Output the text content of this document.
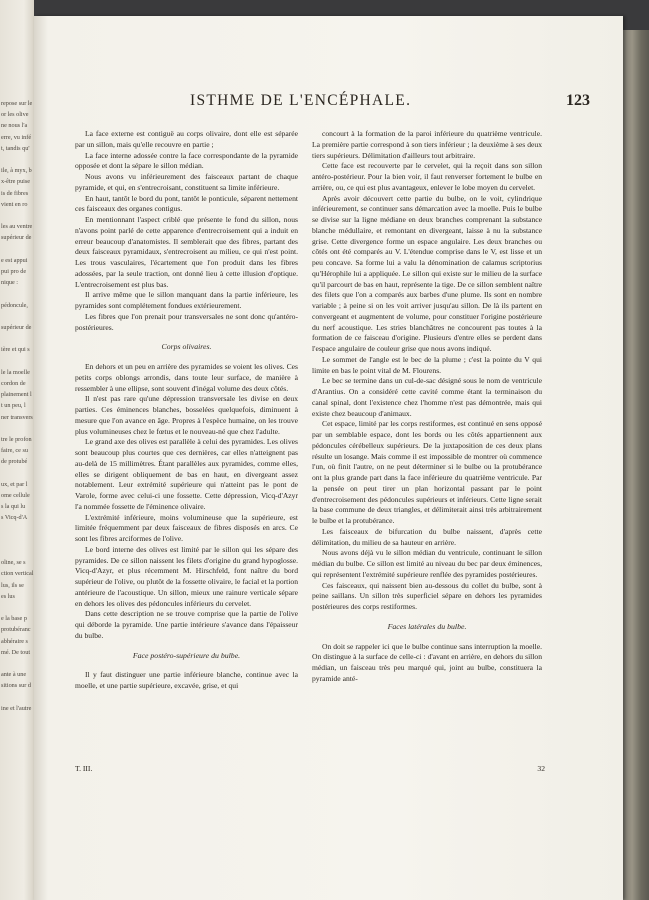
repose sur le
or les olive
ne nous l'a
erre, vu infé
t, tandis qu'
ile, à myx, b
x-être puise
is de fibres
vient en ro
les au ventre
supérieur de
e est appui
pui pro de
nique :
pédoncule,
supérieur de
ière et qui s
le la moelle
cordon de
plainement l
t un peu, l
ner transvers
tre le profon
faire, ce su
de protubé
ux, et par l
ome cellule
s la qui lu
s Vicq-d'A
oline, se s
ction vertical
lus, ils se
es lus
e la base p
protubéranc
abhéraire s
mé. De tout
ante à une
sitions sur d
ine et l'autre
ISTHME DE L'ENCÉPHALE.	123

La face externe est contiguë au corps olivaire, dont elle est séparée par un sillon, mais qu'elle recouvre en partie ;

La face interne adossée contre la face correspondante de la pyramide opposée et dont la sépare le sillon médian.

Nous avons vu inférieurement des faisceaux partant de chaque pyramide, et qui, en s'entrecroisant, constituent sa limite inférieure.

En haut, tantôt le bord du pont, tantôt le ponticule, séparent nettement ces faisceaux des organes contigus.

En mentionnant l'aspect criblé que présente le fond du sillon, nous n'avons point parlé de cette apparence d'entrecroisement qui a induit en erreur beaucoup d'anatomistes. Il semblerait que des fibres, partant des deux faisceaux pyramidaux, s'entrecroisent au milieu, ce qui n'est point. Les trous vasculaires, l'écartement que l'on produit dans les fibres adossées, par la seule traction, ont donné lieu à cette illusion d'optique. L'entrecroisement est plus bas.

Il arrive même que le sillon manquant dans la partie inférieure, les pyramides sont complétement fondues extérieurement.

Les fibres que l'on prenait pour transversales ne sont donc qu'antéro-postérieures.

Corps olivaires.

En dehors et un peu en arrière des pyramides se voient les olives. Ces petits corps oblongs arrondis, dans toute leur surface, de manière à ressembler à une ellipse, sont souvent d'inégal volume des deux côtés.

Il n'est pas rare qu'une dépression transversale les divise en deux parties. Ces éminences blanches, bosselées quelquefois, diminuent à mesure que l'on avance en âge. Propres à l'espèce humaine, on les trouve plus volumineuses chez le fœtus et le nouveau-né que chez l'adulte.

Le grand axe des olives est parallèle à celui des pyramides. Les olives sont beaucoup plus courtes que ces dernières, car elles n'atteignent pas au-delà de 15 millimètres. Étant parallèles aux pyramides, comme elles, elles se dirigent obliquement de bas en haut, en divergeant assez notablement. Leur extrémité supérieure qui n'atteint pas le pont de Varole, forme avec celui-ci une fossette. Cette dépression, Vicq-d'Azyr l'a nommée fossette de l'éminence olivaire.

L'extrémité inférieure, moins volumineuse que la supérieure, est limitée fréquemment par deux faisceaux de fibres disposés en arcs. Ce sont les fibres arciformes de l'olive.

Le bord interne des olives est limité par le sillon qui les sépare des pyramides. De ce sillon naissent les filets d'origine du grand hypoglosse. Vicq-d'Azyr, et plus récemment M. Hirschfeld, font naître du bord supérieur de l'olive, ou plutôt de la fossette olivaire, le facial et la portion antérieure de l'acoustique. Un sillon, mieux une rainure verticale sépare en dehors les olives des pédoncules inférieurs du cervelet.

Dans cette description ne se trouve comprise que la partie de l'olive qui déborde la pyramide. Une partie intérieure s'avance dans l'épaisseur du bulbe.

Face postéro-supérieure du bulbe.

Il y faut distinguer une partie inférieure blanche, continue avec la moelle, et une partie supérieure, excavée, grise, et qui

concourt à la formation de la paroi inférieure du quatrième ventricule. La première partie correspond à son tiers inférieur ; la deuxième à ses deux tiers supérieurs. Délimitation d'ailleurs tout arbitraire.

Cette face est recouverte par le cervelet, qui la reçoit dans son sillon antéro-postérieur. Pour la bien voir, il faut renverser fortement le bulbe en arrière, ou, ce qui est plus avantageux, enlever le lobe moyen du cervelet.

Après avoir découvert cette partie du bulbe, on le voit, cylindrique inférieurement, se continuer sans démarcation avec la moelle. Puis le bulbe se divise sur la ligne médiane en deux branches comprenant la substance blanche médullaire, et remontant en divergeant, laisse à nu la substance grise. Cette divergence forme un espace angulaire. Les deux branches ou côtés ont été comparés au V. L'étendue comprise dans le V, est lisse et un peu concave. Sa forme lui a valu la dénomination de calamus scriptorius qu'Hérophile lui a appliquée. Le sillon qui existe sur le milieu de la surface qu'il parcourt de bas en haut, représente la tige. De ce sillon semblent naître des filets que l'on a comparés aux barbes d'une plume. Ils sont en nombre variable ; à peine si on les voit arriver jusqu'au sillon. De là ils partent en convergeant et augmentent de volume, pour constituer l'origine postérieure du nerf acoustique. Les stries blanchâtres ne concourent pas toutes à la formation de ce faisceau d'origine. Plusieurs d'entre elles se perdent dans l'espace angulaire de couleur grise que nous avons indiqué.

Le sommet de l'angle est le bec de la plume ; c'est la pointe du V qui limite en bas le point vital de M. Flourens.

Le bec se termine dans un cul-de-sac désigné sous le nom de ventricule d'Arantius. On a considéré cette cavité comme étant la terminaison du canal spinal, dont l'existence chez l'homme n'est pas démontrée, mais qui existe chez beaucoup d'animaux.

Cet espace, limité par les corps restiformes, est continué en sens opposé par un semblable espace, dont les bords ou les côtés appartiennent aux pédoncules cérébelleux supérieurs. De la juxtaposition de ces deux plans résulte un losange. Mais comme il est impossible de montrer où commence l'un, où finit l'autre, on ne peut déterminer si le bulbe ou la protubérance ont la plus grande part dans la face inférieure du quatrième ventricule. Par la pensée on peut tirer un plan horizontal passant par le point d'entrecroisement des pédoncules supérieurs et inférieurs. Cette ligne serait la base commune de deux triangles, et délimiterait ainsi très arbitrairement le bulbe et la protubérance.

Les faisceaux de bifurcation du bulbe naissent, d'après cette délimitation, du milieu de sa hauteur en arrière.

Nous avons déjà vu le sillon médian du ventricule, continuant le sillon médian du bulbe. Ce sillon est limité au niveau du bec par deux éminences, qui représentent l'extrémité supérieure renflée des pyramides postérieures.

Ces faisceaux, qui naissent bien au-dessous du collet du bulbe, sont à peine saillans. Un sillon très superficiel sépare en dehors les pyramides postérieures des corps restiformes.

Faces latérales du bulbe.

On doit se rappeler ici que le bulbe continue sans interruption la moelle. On distingue à la surface de celle-ci : d'avant en arrière, en dehors du sillon médian, un faisceau très peu marqué qui, joint au bulbe, constituera la pyramide anté-

T. III.	32
